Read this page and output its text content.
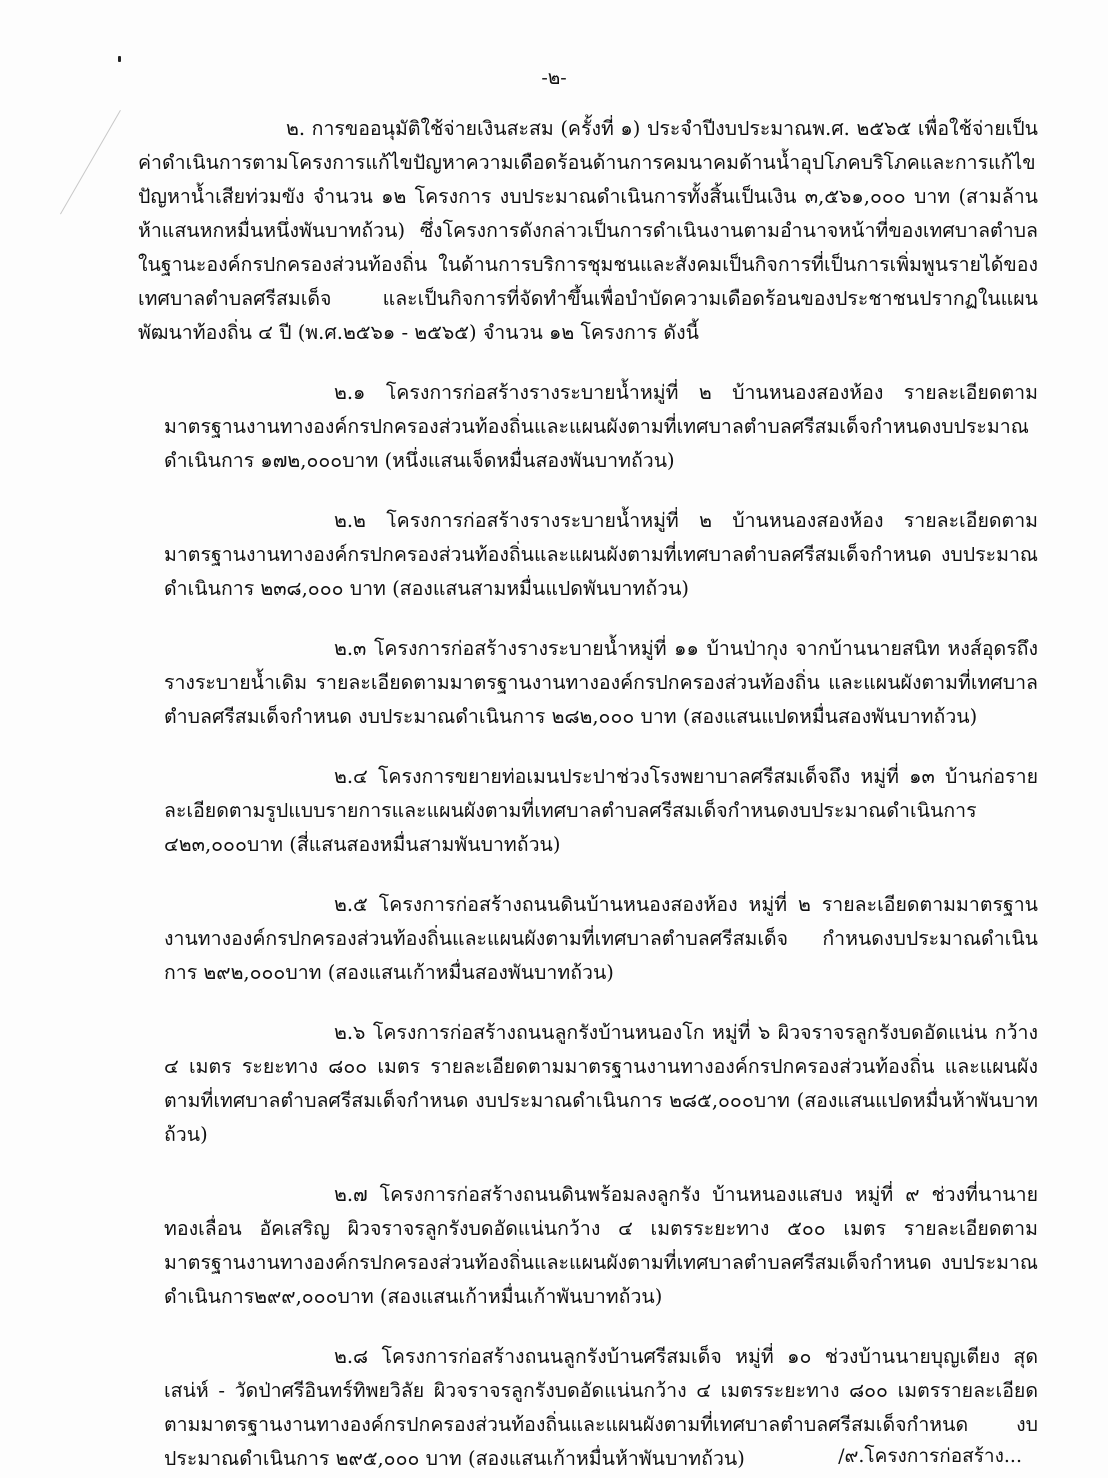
-๒-

๒. การขออนุมัติใช้จ่ายเงินสะสม (ครั้งที่ ๑) ประจำปีงบประมาณพ.ศ. ๒๕๖๕ เพื่อใช้จ่ายเป็นค่าดำเนินการตามโครงการแก้ไขปัญหาความเดือดร้อนด้านการคมนาคมด้านน้ำอุปโภคบริโภคและการแก้ไขปัญหาน้ำเสียท่วมขัง จำนวน ๑๒ โครงการ งบประมาณดำเนินการทั้งสิ้นเป็นเงิน ๓,๕๖๑,๐๐๐ บาท (สามล้านห้าแสนหกหมื่นหนึ่งพันบาทถ้วน) ซึ่งโครงการดังกล่าวเป็นการดำเนินงานตามอำนาจหน้าที่ของเทศบาลตำบลในฐานะองค์กรปกครองส่วนท้องถิ่น ในด้านการบริการชุมชนและสังคมเป็นกิจการที่เป็นการเพิ่มพูนรายได้ของเทศบาลตำบลศรีสมเด็จ และเป็นกิจการที่จัดทำขึ้นเพื่อบำบัดความเดือดร้อนของประชาชนปรากฏในแผนพัฒนาท้องถิ่น ๔ ปี (พ.ศ.๒๕๖๑ - ๒๕๖๕) จำนวน ๑๒ โครงการ ดังนี้

๒.๑ โครงการก่อสร้างรางระบายน้ำหมู่ที่ ๒ บ้านหนองสองห้อง รายละเอียดตามมาตรฐานงานทางองค์กรปกครองส่วนท้องถิ่นและแผนผังตามที่เทศบาลตำบลศรีสมเด็จกำหนดงบประมาณดำเนินการ ๑๗๒,๐๐๐บาท (หนึ่งแสนเจ็ดหมื่นสองพันบาทถ้วน)

๒.๒ โครงการก่อสร้างรางระบายน้ำหมู่ที่ ๒ บ้านหนองสองห้อง รายละเอียดตามมาตรฐานงานทางองค์กรปกครองส่วนท้องถิ่นและแผนผังตามที่เทศบาลตำบลศรีสมเด็จกำหนด งบประมาณดำเนินการ ๒๓๘,๐๐๐ บาท (สองแสนสามหมื่นแปดพันบาทถ้วน)

๒.๓ โครงการก่อสร้างรางระบายน้ำหมู่ที่ ๑๑ บ้านป่ากุง จากบ้านนายสนิท หงส์อุดรถึงรางระบายน้ำเดิม รายละเอียดตามมาตรฐานงานทางองค์กรปกครองส่วนท้องถิ่น และแผนผังตามที่เทศบาลตำบลศรีสมเด็จกำหนด งบประมาณดำเนินการ ๒๘๒,๐๐๐ บาท (สองแสนแปดหมื่นสองพันบาทถ้วน)

๒.๔ โครงการขยายท่อเมนประปาช่วงโรงพยาบาลศรีสมเด็จถึง หมู่ที่ ๑๓ บ้านก่อรายละเอียดตามรูปแบบรายการและแผนผังตามที่เทศบาลตำบลศรีสมเด็จกำหนดงบประมาณดำเนินการ ๔๒๓,๐๐๐บาท (สี่แสนสองหมื่นสามพันบาทถ้วน)

๒.๕ โครงการก่อสร้างถนนดินบ้านหนองสองห้อง หมู่ที่ ๒ รายละเอียดตามมาตรฐานงานทางองค์กรปกครองส่วนท้องถิ่นและแผนผังตามที่เทศบาลตำบลศรีสมเด็จ กำหนดงบประมาณดำเนินการ ๒๙๒,๐๐๐บาท (สองแสนเก้าหมื่นสองพันบาทถ้วน)

๒.๖ โครงการก่อสร้างถนนลูกรังบ้านหนองโก หมู่ที่ ๖ ผิวจราจรลูกรังบดอัดแน่น กว้าง ๔ เมตร ระยะทาง ๘๐๐ เมตร รายละเอียดตามมาตรฐานงานทางองค์กรปกครองส่วนท้องถิ่น และแผนผังตามที่เทศบาลตำบลศรีสมเด็จกำหนด งบประมาณดำเนินการ ๒๘๕,๐๐๐บาท (สองแสนแปดหมื่นห้าพันบาทถ้วน)

๒.๗ โครงการก่อสร้างถนนดินพร้อมลงลูกรัง บ้านหนองแสบง หมู่ที่ ๙ ช่วงที่นานายทองเลื่อน อัคเสริญ ผิวจราจรลูกรังบดอัดแน่นกว้าง ๔ เมตรระยะทาง ๕๐๐ เมตร รายละเอียดตามมาตรฐานงานทางองค์กรปกครองส่วนท้องถิ่นและแผนผังตามที่เทศบาลตำบลศรีสมเด็จกำหนด งบประมาณดำเนินการ๒๙๙,๐๐๐บาท (สองแสนเก้าหมื่นเก้าพันบาทถ้วน)

๒.๘ โครงการก่อสร้างถนนลูกรังบ้านศรีสมเด็จ หมู่ที่ ๑๐ ช่วงบ้านนายบุญเตียง สุดเสน่ห์ - วัดป่าศรีอินทร์ทิพยวิลัย ผิวจราจรลูกรังบดอัดแน่นกว้าง ๔ เมตรระยะทาง ๘๐๐ เมตรรายละเอียดตามมาตรฐานงานทางองค์กรปกครองส่วนท้องถิ่นและแผนผังตามที่เทศบาลตำบลศรีสมเด็จกำหนด งบประมาณดำเนินการ ๒๙๕,๐๐๐ บาท (สองแสนเก้าหมื่นห้าพันบาทถ้วน)	/๙.โครงการก่อสร้าง...
